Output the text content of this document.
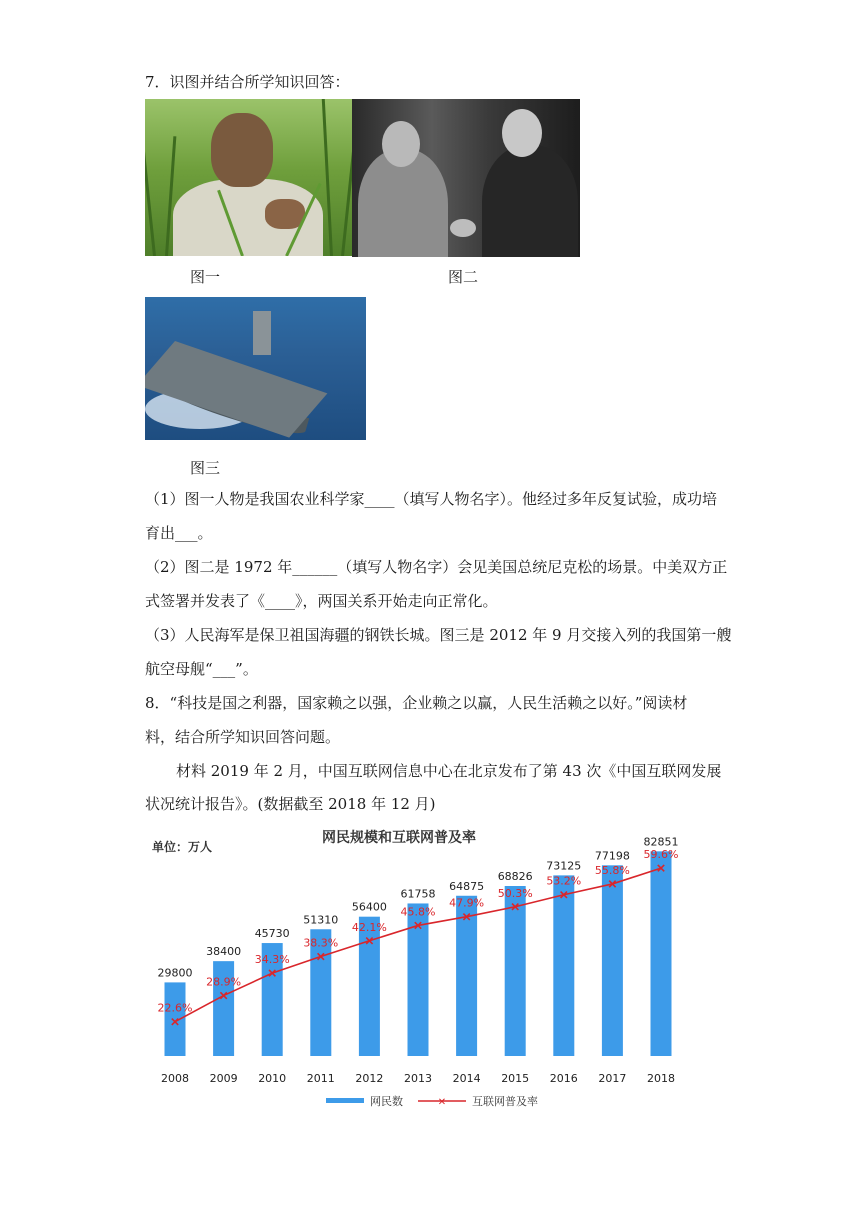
7．识图并结合所学知识回答：
图一	图二
图三
（1）图一人物是我国农业科学家____（填写人物名字）。他经过多年反复试验，成功培
育出___。
（2）图二是 1972 年______（填写人物名字）会见美国总统尼克松的场景。中美双方正
式签署并发表了《____》，两国关系开始走向正常化。
（3）人民海军是保卫祖国海疆的钢铁长城。图三是 2012 年 9 月交接入列的我国第一艘
航空母舰“___”。
8．“科技是国之利器，国家赖之以强，企业赖之以赢，人民生活赖之以好。”阅读材
料，结合所学知识回答问题。
材料 2019 年 2 月，中国互联网信息中心在北京发布了第 43 次《中国互联网发展
状况统计报告》。(数据截至 2018 年 12 月)
网民规模和互联网普及率
单位：万人
29800
2008
38400
2009
45730
2010
51310
2011
56400
2012
61758
2013
64875
2014
68826
2015
73125
2016
77198
2017
82851
2018
22.6%
28.9%
34.3%
38.3%
42.1%
45.8%
47.9%
50.3%
53.2%
55.8%
59.6%
网民数	✕ 互联网普及率
